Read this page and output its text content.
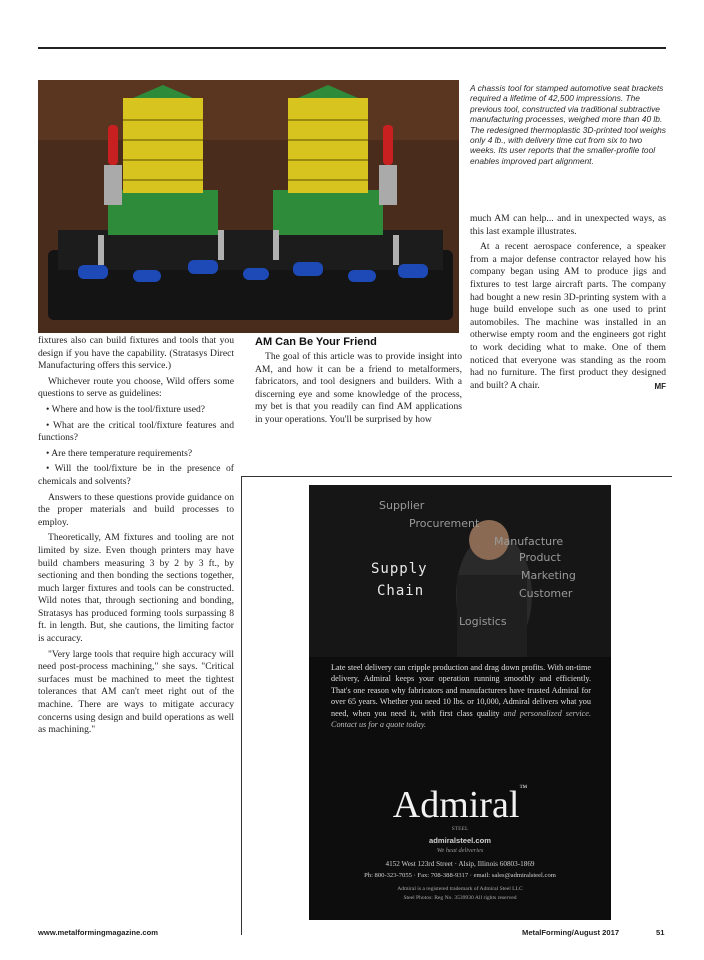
A chassis tool for stamped automotive seat brackets required a lifetime of 42,500 impressions. The previous tool, constructed via traditional subtractive manufacturing processes, weighed more than 40 lb. The redesigned thermoplastic 3D-printed tool weighs only 4 lb., with delivery time cut from six to two weeks. Its user reports that the smaller-profile tool enables improved part alignment.

fixtures also can build fixtures and tools that you design if you have the capability. (Stratasys Direct Manufacturing offers this service.)

Whichever route you choose, Wild offers some questions to serve as guidelines:

• Where and how is the tool/fixture used?

• What are the critical tool/fixture features and functions?

• Are there temperature requirements?

• Will the tool/fixture be in the presence of chemicals and solvents?

Answers to these questions provide guidance on the proper materials and build processes to employ.

Theoretically, AM fixtures and tooling are not limited by size. Even though printers may have build chambers measuring 3 by 2 by 3 ft., by sectioning and then bonding the sections together, much larger fixtures and tools can be constructed. Wild notes that, through sectioning and bonding, Stratasys has produced forming tools surpassing 8 ft. in length. But, she cautions, the limiting factor is accuracy.

"Very large tools that require high accuracy will need post-process machining," she says. "Critical surfaces must be machined to meet the tightest tolerances that AM can't meet right out of the machine. There are ways to mitigate accuracy concerns using design and build operations as well as machining."

AM Can Be Your Friend

The goal of this article was to provide insight into AM, and how it can be a friend to metalformers, fabricators, and tool designers and builders. With a discerning eye and some knowledge of the process, my bet is that you readily can find AM applications in your operations. You'll be surprised by how

much AM can help... and in unexpected ways, as this last example illustrates.

At a recent aerospace conference, a speaker from a major defense contractor relayed how his company began using AM to produce jigs and fixtures to test large aircraft parts. The company had bought a new resin 3D-printing system with a huge build envelope such as one used to print automobiles. The machine was installed in an otherwise empty room and the engineers got right to work deciding what to make. One of them noticed that everyone was standing as the room had no furniture. The first product they designed and built? A chair.	MF

Supplier
Procurement
Manufacture
Product
Marketing
Customer
Logistics
Supply
Chain
Late steel delivery can cripple production and drag down profits. With on-time delivery, Admiral keeps your operation running smoothly and efficiently. That's one reason why fabricators and manufacturers have trusted Admiral for over 65 years. Whether you need 10 lbs. or 10,000, Admiral delivers what you need, when you need it, with first class quality and personalized service. Contact us for a quote today.
Admiral™
STEEL
admiralsteel.com
We heat deliveries
4152 West 123rd Street · Alsip, Illinois 60803-1869
Ph: 800-323-7055 · Fax: 708-388-9317 · email: sales@admiralsteel.com
Admiral is a registered trademark of Admiral Steel LLC
Steel Photos: Reg No. 3539930 All rights reserved
www.metalformingmagazine.com	MetalForming/August 2017	51
